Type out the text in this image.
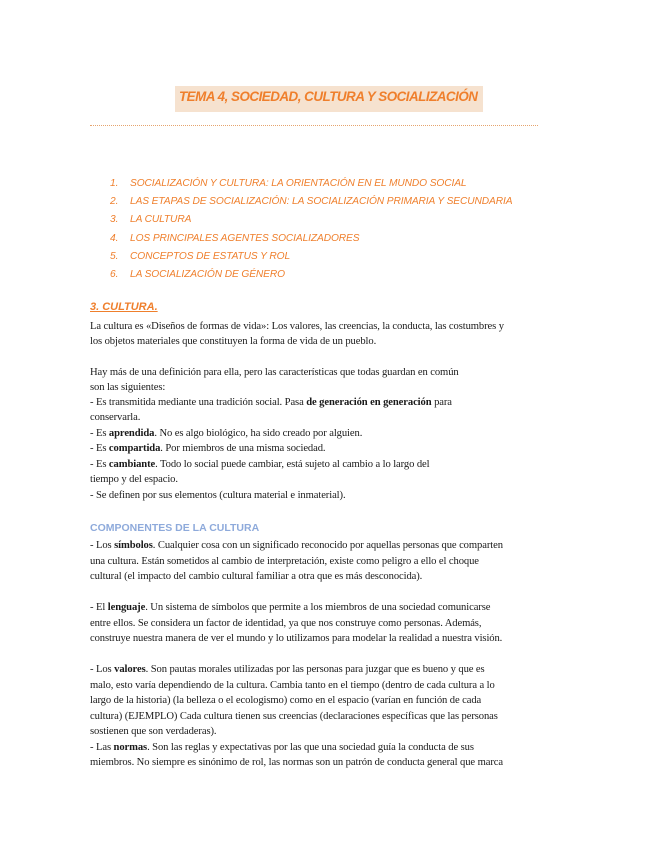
TEMA 4, SOCIEDAD, CULTURA Y SOCIALIZACIÓN
1. SOCIALIZACIÓN Y CULTURA: LA ORIENTACIÓN EN EL MUNDO SOCIAL
2. LAS ETAPAS DE SOCIALIZACIÓN: LA SOCIALIZACIÓN PRIMARIA Y SECUNDARIA
3. LA CULTURA
4. LOS PRINCIPALES AGENTES SOCIALIZADORES
5. CONCEPTOS DE ESTATUS Y ROL
6. LA SOCIALIZACIÓN DE GÉNERO
3. CULTURA.
COMPONENTES DE LA CULTURA
La cultura es «Diseños de formas de vida»: Los valores, las creencias, la conducta, las costumbres y
los objetos materiales que constituyen la forma de vida de un pueblo.
Hay más de una definición para ella, pero las características que todas guardan en común
son las siguientes:
- Es transmitida mediante una tradición social. Pasa de generación en generación para
conservarla.
- Es aprendida. No es algo biológico, ha sido creado por alguien.
- Es compartida. Por miembros de una misma sociedad.
- Es cambiante. Todo lo social puede cambiar, está sujeto al cambio a lo largo del
tiempo y del espacio.
- Se definen por sus elementos (cultura material e inmaterial).
- Los símbolos. Cualquier cosa con un significado reconocido por aquellas personas que comparten
una cultura. Están sometidos al cambio de interpretación, existe como peligro a ello el choque
cultural (el impacto del cambio cultural familiar a otra que es más desconocida).
- El lenguaje. Un sistema de símbolos que permite a los miembros de una sociedad comunicarse
entre ellos. Se considera un factor de identidad, ya que nos construye como personas. Además,
construye nuestra manera de ver el mundo y lo utilizamos para modelar la realidad a nuestra visión.
- Los valores. Son pautas morales utilizadas por las personas para juzgar que es bueno y que es
malo, esto varía dependiendo de la cultura. Cambia tanto en el tiempo (dentro de cada cultura a lo
largo de la historia) (la belleza o el ecologismo) como en el espacio (varían en función de cada
cultura) (EJEMPLO) Cada cultura tienen sus creencias (declaraciones específicas que las personas
sostienen que son verdaderas).
- Las normas. Son las reglas y expectativas por las que una sociedad guía la conducta de sus
miembros. No siempre es sinónimo de rol, las normas son un patrón de conducta general que marca
